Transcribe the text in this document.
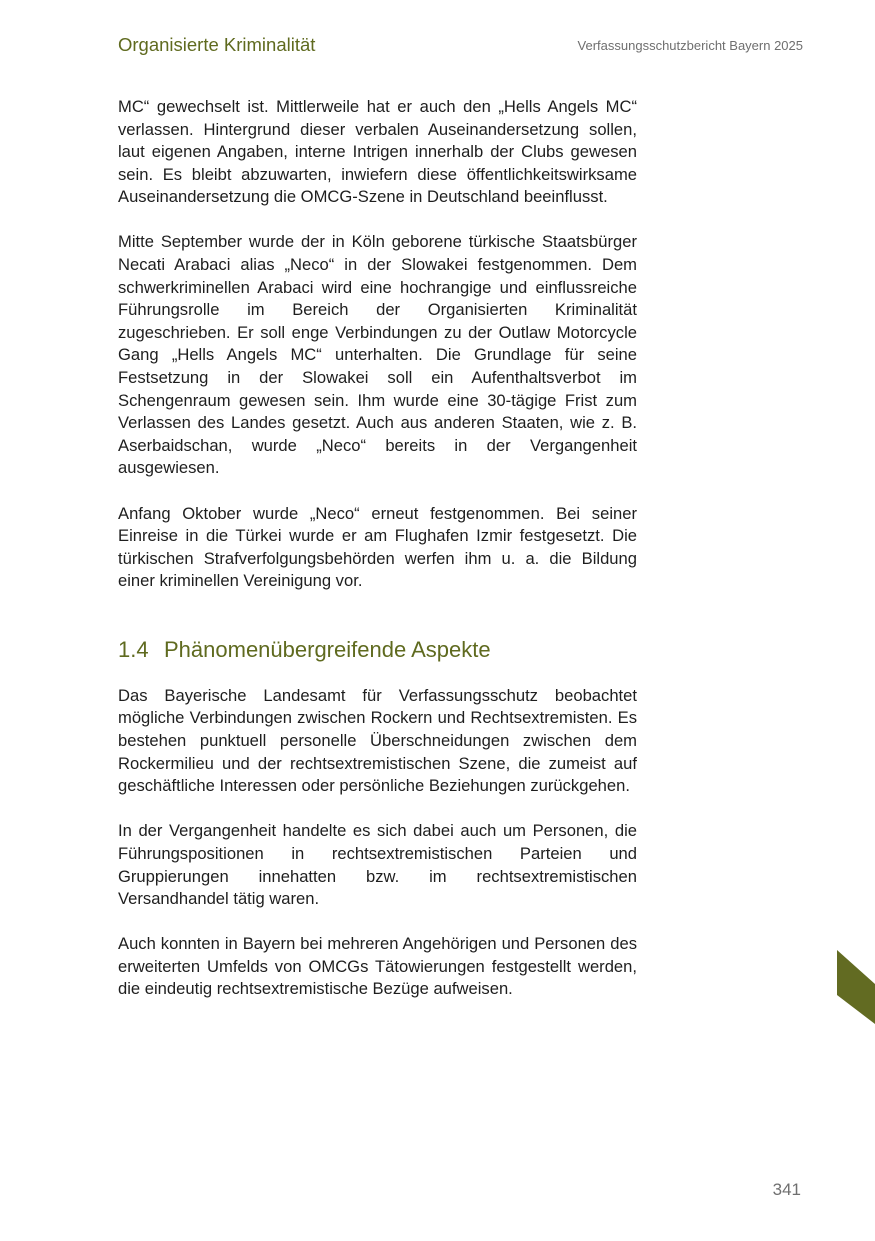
Organisierte Kriminalität	Verfassungsschutzbericht Bayern 2025

MC“ gewechselt ist. Mittlerweile hat er auch den „Hells Angels MC“ verlassen. Hintergrund dieser verbalen Auseinandersetzung sollen, laut eigenen Angaben, interne Intrigen innerhalb der Clubs gewesen sein. Es bleibt abzuwarten, inwiefern diese öffentlichkeitswirksame Auseinandersetzung die OMCG-Szene in Deutschland beeinflusst.

Mitte September wurde der in Köln geborene türkische Staatsbürger Necati Arabaci alias „Neco“ in der Slowakei festgenommen. Dem schwerkriminellen Arabaci wird eine hochrangige und einflussreiche Führungsrolle im Bereich der Organisierten Kriminalität zugeschrieben. Er soll enge Verbindungen zu der Outlaw Motorcycle Gang „Hells Angels MC“ unterhalten. Die Grundlage für seine Festsetzung in der Slowakei soll ein Aufenthaltsverbot im Schengenraum gewesen sein. Ihm wurde eine 30-tägige Frist zum Verlassen des Landes gesetzt. Auch aus anderen Staaten, wie z. B. Aserbaidschan, wurde „Neco“ bereits in der Vergangenheit ausgewiesen.

Anfang Oktober wurde „Neco“ erneut festgenommen. Bei seiner Einreise in die Türkei wurde er am Flughafen Izmir festgesetzt. Die türkischen Strafverfolgungsbehörden werfen ihm u. a. die Bildung einer kriminellen Vereinigung vor.

1.4 Phänomenübergreifende Aspekte

Das Bayerische Landesamt für Verfassungsschutz beobachtet mögliche Verbindungen zwischen Rockern und Rechtsextremisten. Es bestehen punktuell personelle Überschneidungen zwischen dem Rockermilieu und der rechtsextremistischen Szene, die zumeist auf geschäftliche Interessen oder persönliche Beziehungen zurückgehen.

In der Vergangenheit handelte es sich dabei auch um Personen, die Führungspositionen in rechtsextremistischen Parteien und Gruppierungen innehatten bzw. im rechtsextremistischen Versandhandel tätig waren.

Auch konnten in Bayern bei mehreren Angehörigen und Personen des erweiterten Umfelds von OMCGs Tätowierungen festgestellt werden, die eindeutig rechtsextremistische Bezüge aufweisen.

341
